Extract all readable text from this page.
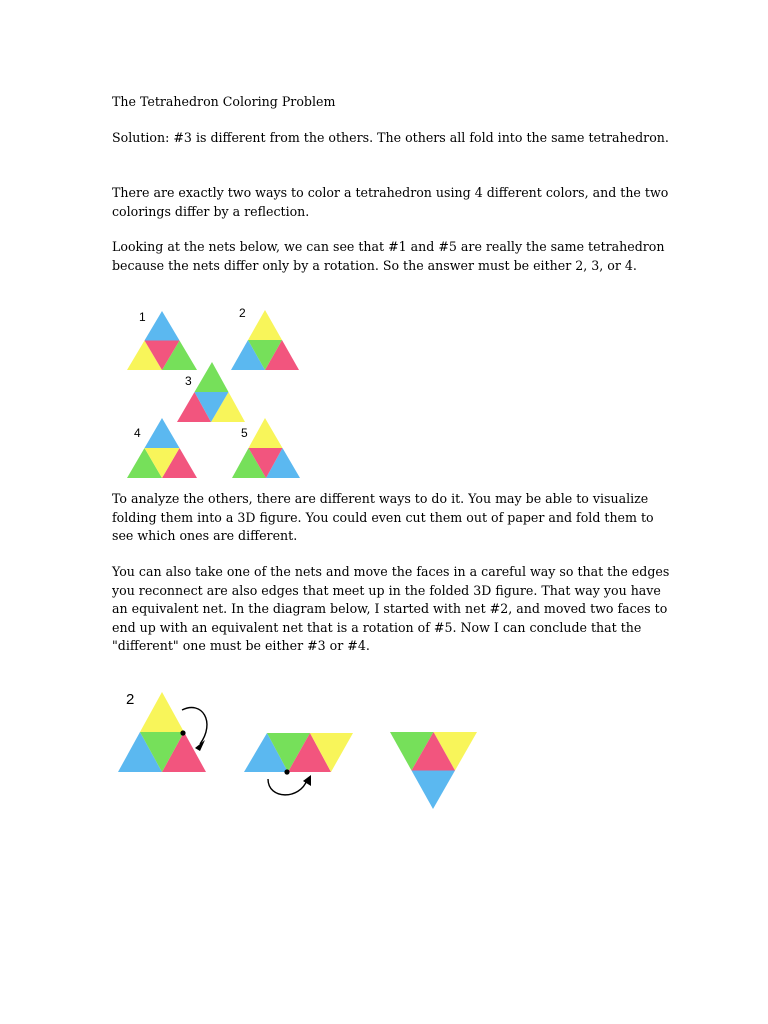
The Tetrahedron Coloring Problem

Solution: #3 is different from the others. The others all fold into the same tetrahedron.

There are exactly two ways to color a tetrahedron using 4 different colors, and the two colorings differ by a reflection.

Looking at the nets below, we can see that #1 and #5 are really the same tetrahedron because the nets differ only by a rotation. So the answer must be either 2, 3, or 4.

1	2
3
4	5
2

To analyze the others, there are different ways to do it. You may be able to visualize folding them into a 3D figure. You could even cut them out of paper and fold them to see which ones are different.

You can also take one of the nets and move the faces in a careful way so that the edges you reconnect are also edges that meet up in the folded 3D figure. That way you have an equivalent net. In the diagram below, I started with net #2, and moved two faces to end up with an equivalent net that is a rotation of #5. Now I can conclude that the "different" one must be either #3 or #4.
